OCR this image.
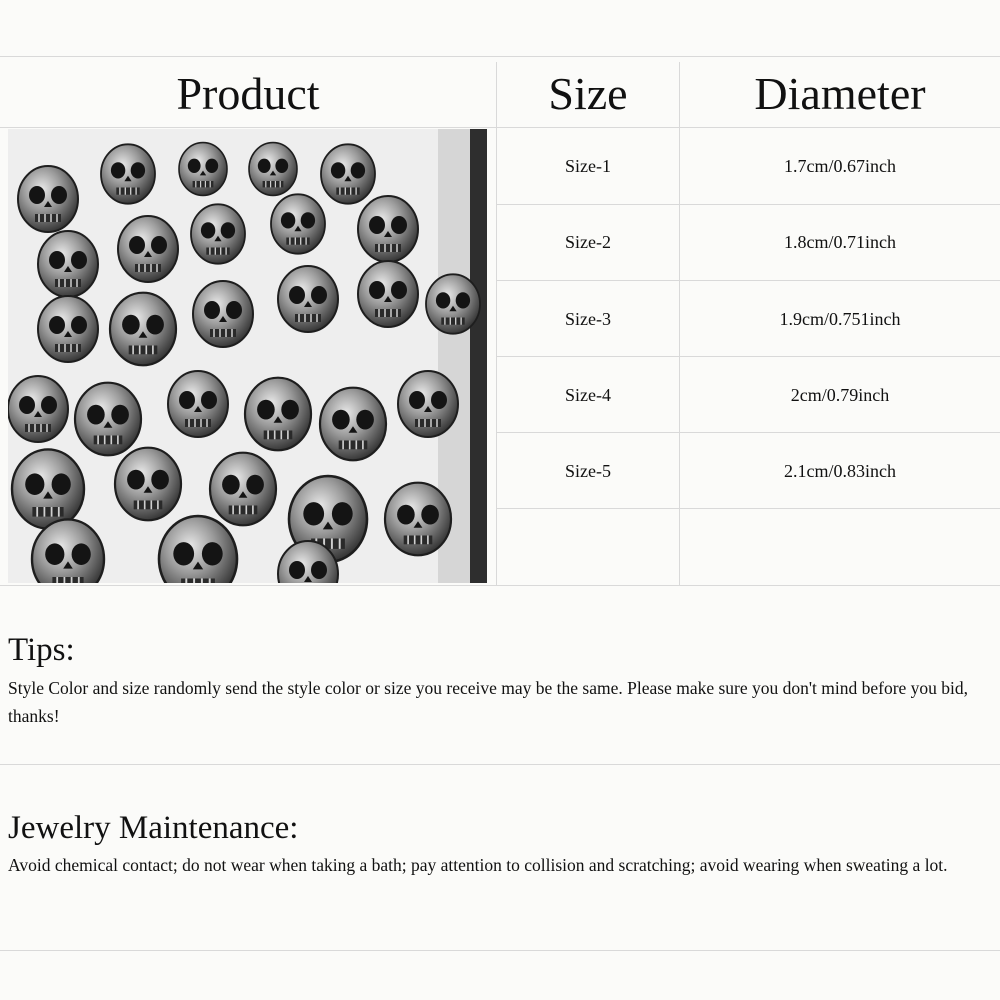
Product	Size	Diameter
Size-1	1.7cm/0.67inch
Size-2	1.8cm/0.71inch
Size-3	1.9cm/0.751inch
Size-4	2cm/0.79inch
Size-5	2.1cm/0.83inch
Tips:
Style Color and size randomly send the style color or size you receive may be the same. Please make sure you don't mind before you bid, thanks!
Jewelry Maintenance:
Avoid chemical contact; do not wear when taking a bath; pay attention to collision and scratching; avoid wearing when sweating a lot.
